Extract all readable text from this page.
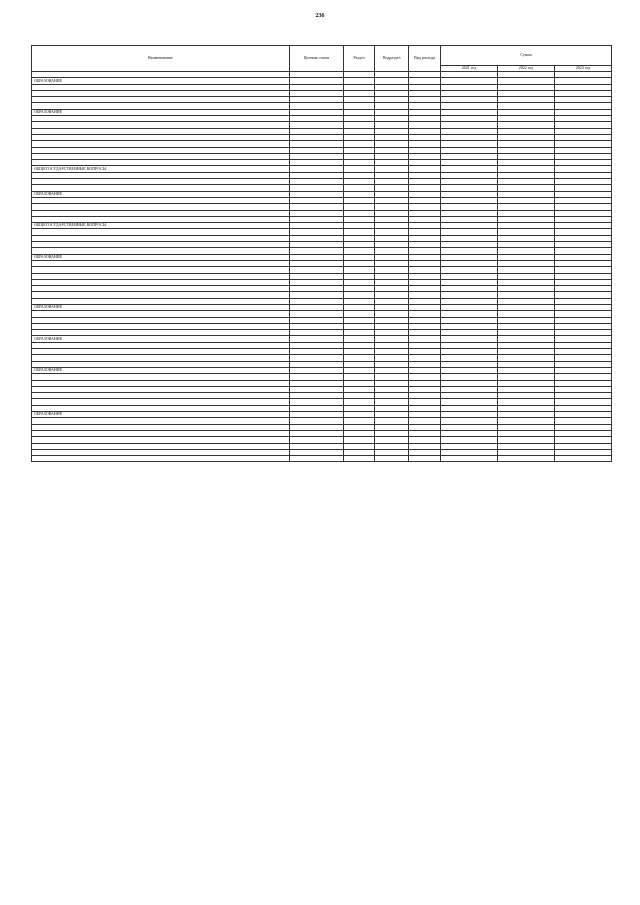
236
Наименование	Целевая статья	Раздел	Подраздел	Вид расхода	Сумма		
					2021 год	2022 год	2023 год

ОБРАЗОВАНИЕ							

ОБРАЗОВАНИЕ							

ОБЩЕГОСУДАРСТВЕННЫЕ ВОПРОСЫ							

ОБРАЗОВАНИЕ							

ОБЩЕГОСУДАРСТВЕННЫЕ ВОПРОСЫ							

ОБРАЗОВАНИЕ							

ОБРАЗОВАНИЕ							

ОБРАЗОВАНИЕ							

ОБРАЗОВАНИЕ							

ОБРАЗОВАНИЕ							
